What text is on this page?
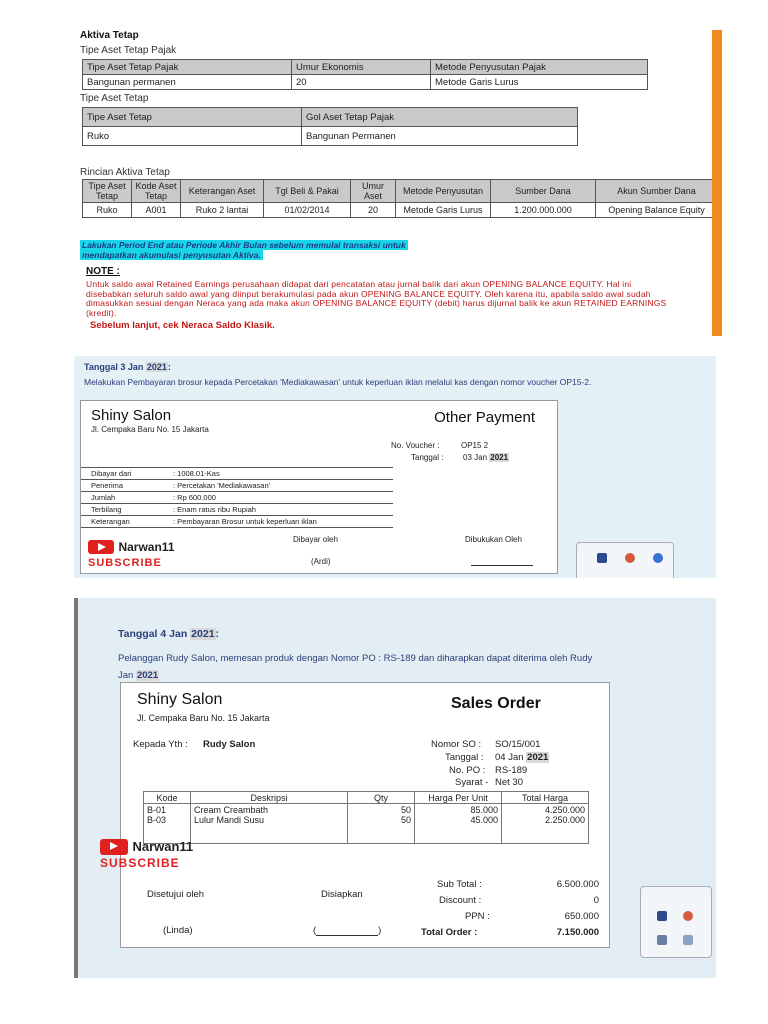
Aktiva Tetap
Tipe Aset Tetap Pajak
Tipe Aset Tetap Pajak	Umur Ekonomis	Metode Penyusutan Pajak
Bangunan permanen	20	Metode Garis Lurus
Tipe Aset Tetap
Tipe Aset Tetap	Gol Aset Tetap Pajak
Ruko	Bangunan Permanen
Rincian Aktiva Tetap
Tipe Aset Tetap	Kode Aset Tetap	Keterangan Aset	Tgl Beli & Pakai	Umur Aset	Metode Penyusutan	Sumber Dana	Akun Sumber Dana
Ruko	A001	Ruko 2 lantai	01/02/2014	20	Metode Garis Lurus	1.200.000.000	Opening Balance Equity
Lakukan Period End atau Periode Akhir Bulan sebelum memulai transaksi untuk
mendapatkan akumulasi penyusutan Aktiva.
NOTE :
Untuk saldo awal Retained Earnings perusahaan didapat dari pencatatan atau jurnal balik dari akun OPENING BALANCE EQUITY. Hal ini disebabkan seluruh saldo awal yang diinput berakumulasi pada akun OPENING BALANCE EQUITY. Oleh karena itu, apabila saldo awal sudah dimasukkan sesuai dengan Neraca yang ada maka akun OPENING BALANCE EQUITY (debit) harus dijurnal balik ke akun RETAINED EARNINGS (kredit).
Sebelum lanjut, cek Neraca Saldo Klasik.
Tanggal 3 Jan 2021:
Melakukan Pembayaran brosur kepada Percetakan 'Mediakawasan' untuk keperluan iklan melalui kas dengan nomor voucher OP15-2.
Shiny Salon
Jl. Cempaka Baru No. 15 Jakarta
Other Payment
No. Voucher :	OP15 2
Tanggal : 03 Jan 2021
Dibayar dari	: 1008.01-Kas
Penerima	: Percetakan 'Mediakawasan'
Jumlah	: Rp 600.000
Terbilang	: Enam ratus ribu Rupiah
Keterangan	: Pembayaran Brosur untuk keperluan iklan
Dibayar oleh	Dibukukan Oleh
(Ardi)
Narwan11
SUBSCRIBE
Tanggal 4 Jan 2021:
Pelanggan Rudy Salon, memesan produk dengan Nomor PO : RS-189 dan diharapkan dapat diterima oleh Rudy
Jan 2021
Shiny Salon
Jl. Cempaka Baru No. 15 Jakarta
Sales Order
Kepada Yth : Rudy Salon	Nomor SO : SO/15/001
Tanggal : 04 Jan 2021
No. PO : RS-189
Syarat - Net 30
Kode	Deskripsi	Qty	Harga Per Unit	Total Harga
B-01	Cream Creambath	50	85.000	4.250.000
B-03	Lulur Mandi Susu	50	45.000	2.250.000
Disetujui oleh	Disiapkan
(Linda)	(	)
Sub Total :	6.500.000
Discount :	0
PPN :	650.000
Total Order :	7.150.000
Narwan11
SUBSCRIBE
